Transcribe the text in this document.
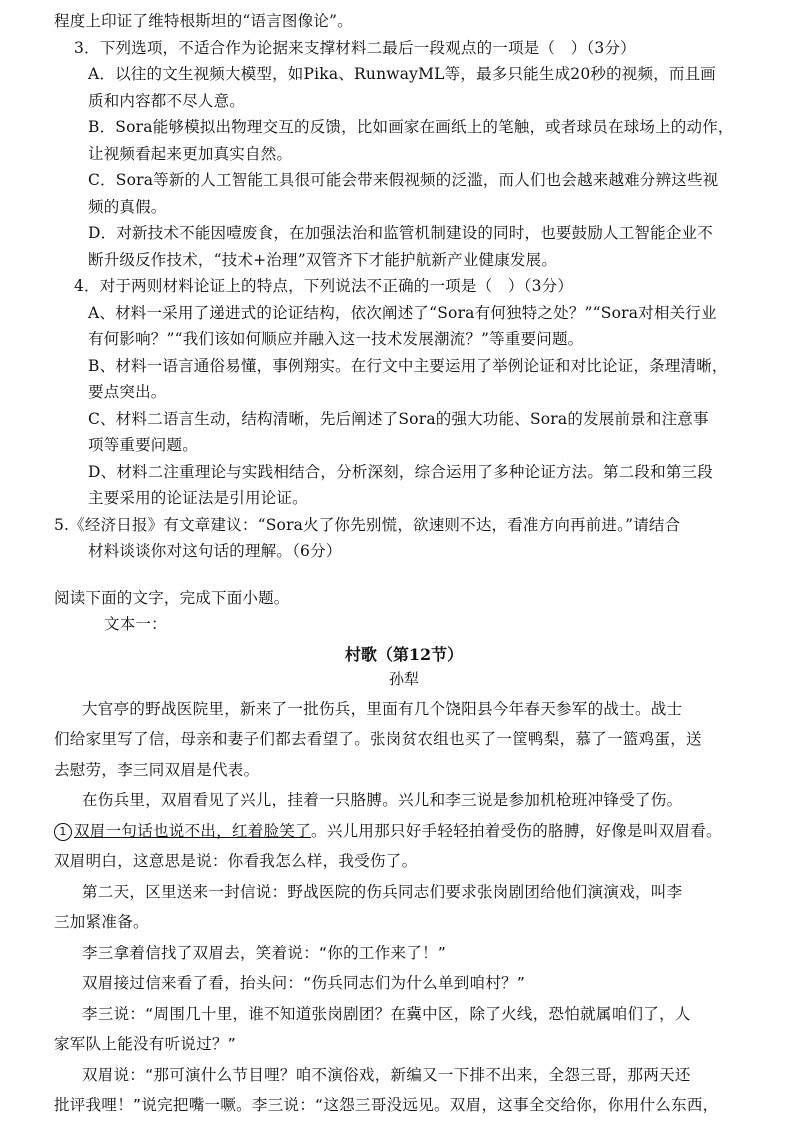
程度上印证了维特根斯坦的“语言图像论”。

3．下列选项，不适合作为论据来支撑材料二最后一段观点的一项是（　）（3分）

A．以往的文生视频大模型，如Pika、RunwayML等，最多只能生成20秒的视频，而且画

质和内容都不尽人意。

B．Sora能够模拟出物理交互的反馈，比如画家在画纸上的笔触，或者球员在球场上的动作，

让视频看起来更加真实自然。

C．Sora等新的人工智能工具很可能会带来假视频的泛滥，而人们也会越来越难分辨这些视

频的真假。

D．对新技术不能因噎废食，在加强法治和监管机制建设的同时，也要鼓励人工智能企业不

断升级反作技术，“技术+治理”双管齐下才能护航新产业健康发展。

4．对于两则材料论证上的特点，下列说法不正确的一项是（　）（3分）

A、材料一采用了递进式的论证结构，依次阐述了“Sora有何独特之处？”“Sora对相关行业

有何影响？”“我们该如何顺应并融入这一技术发展潮流？”等重要问题。

B、材料一语言通俗易懂，事例翔实。在行文中主要运用了举例论证和对比论证，条理清晰，

要点突出。

C、材料二语言生动，结构清晰，先后阐述了Sora的强大功能、Sora的发展前景和注意事

项等重要问题。

D、材料二注重理论与实践相结合，分析深刻，综合运用了多种论证方法。第二段和第三段

主要采用的论证法是引用论证。

5.《经济日报》有文章建议：“Sora火了你先别慌，欲速则不达，看准方向再前进。”请结合

材料谈谈你对这句话的理解。（6分）

阅读下面的文字，完成下面小题。

文本一：

村歌（第12节）

孙犁

大官亭的野战医院里，新来了一批伤兵，里面有几个饶阳县今年春天参军的战士。战士

们给家里写了信，母亲和妻子们都去看望了。张岗贫农组也买了一筐鸭梨，慕了一篮鸡蛋，送

去慰劳，李三同双眉是代表。

在伤兵里，双眉看见了兴儿，挂着一只胳膊。兴儿和李三说是参加机枪班冲锋受了伤。

1 双眉一句话也说不出，红着脸笑了。兴儿用那只好手轻轻拍着受伤的胳膊，好像是叫双眉看。

双眉明白，这意思是说：你看我怎么样，我受伤了。

第二天，区里送来一封信说：野战医院的伤兵同志们要求张岗剧团给他们演演戏，叫李

三加紧准备。

李三拿着信找了双眉去，笑着说：“你的工作来了！”

双眉接过信来看了看，抬头问：“伤兵同志们为什么单到咱村？”

李三说：“周围几十里，谁不知道张岗剧团？在冀中区，除了火线，恐怕就属咱们了，人

家军队上能没有听说过？”

双眉说：“那可演什么节目哩？咱不演俗戏，新编又一下排不出来，全怨三哥，那两天还

批评我哩！”说完把嘴一噘。李三说：“这怨三哥没远见。双眉，这事全交给你，你用什么东西，
